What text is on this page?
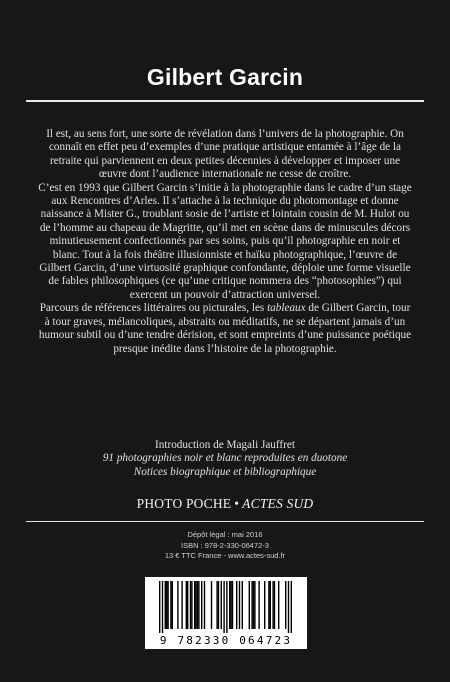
Gilbert Garcin

Il est, au sens fort, une sorte de révélation dans l’univers de la photographie. On connaît en effet peu d’exemples d’une pratique artistique entamée à l’âge de la retraite qui parviennent en deux petites décennies à développer et imposer une œuvre dont l’audience internationale ne cesse de croître.

C’est en 1993 que Gilbert Garcin s’initie à la photographie dans le cadre d’un stage aux Rencontres d’Arles. Il s’attache à la technique du photomontage et donne naissance à Mister G., troublant sosie de l’artiste et lointain cousin de M. Hulot ou de l’homme au chapeau de Magritte, qu’il met en scène dans de minuscules décors minutieusement confectionnés par ses soins, puis qu’il photographie en noir et blanc. Tout à la fois théâtre illusionniste et haïku photographique, l’œuvre de Gilbert Garcin, d’une virtuosité graphique confondante, déploie une forme visuelle de fables philosophiques (ce qu’une critique nommera des “photosophies”) qui exercent un pouvoir d’attraction universel.

Parcours de références littéraires ou picturales, les tableaux de Gilbert Garcin, tour à tour graves, mélancoliques, abstraits ou méditatifs, ne se départent jamais d’un humour subtil ou d’une tendre dérision, et sont empreints d’une puissance poétique presque inédite dans l’histoire de la photographie.

Introduction de Magali Jauffret
91 photographies noir et blanc reproduites en duotone
Notices biographique et bibliographique
PHOTO POCHE • ACTES SUD
Dépôt légal : mai 2016
ISBN : 978-2-330-06472-3
13 € TTC France - www.actes-sud.fr
9 782330 064723
